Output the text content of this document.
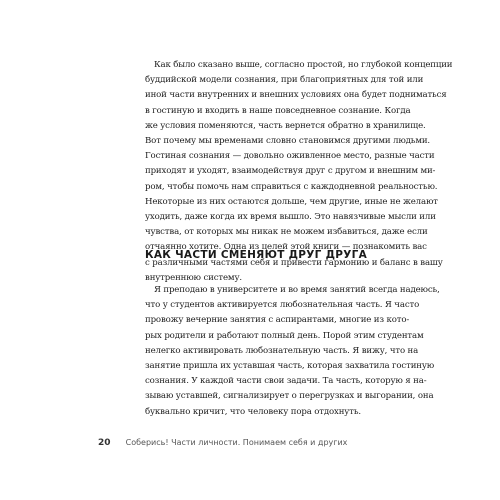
Как было сказано выше, согласно простой, но глубокой концепции
буддийской модели сознания, при благоприятных для той или
иной части внутренних и внешних условиях она будет подниматься
в гостиную и входить в наше повседневное сознание. Когда
же условия поменяются, часть вернется обратно в хранилище.
Вот почему мы временами словно становимся другими людьми.
Гостиная сознания — довольно оживленное место, разные части
приходят и уходят, взаимодействуя друг с другом и внешним ми-
ром, чтобы помочь нам справиться с каждодневной реальностью.
Некоторые из них остаются дольше, чем другие, иные не желают
уходить, даже когда их время вышло. Это навязчивые мысли или
чувства, от которых мы никак не можем избавиться, даже если
отчаянно хотите. Одна из целей этой книги — познакомить вас
с различными частями себя и привести гармонию и баланс в вашу
внутреннюю систему.

КАК ЧАСТИ СМЕНЯЮТ ДРУГ ДРУГА

Я преподаю в университете и во время занятий всегда надеюсь,
что у студентов активируется любознательная часть. Я часто
провожу вечерние занятия с аспирантами, многие из кото-
рых родители и работают полный день. Порой этим студентам
нелегко активировать любознательную часть. Я вижу, что на
занятие пришла их уставшая часть, которая захватила гостиную
сознания. У каждой части свои задачи. Та часть, которую я на-
зываю уставшей, сигнализирует о перегрузках и выгорании, она
буквально кричит, что человеку пора отдохнуть.

20 Соберись! Части личности. Понимаем себя и других
